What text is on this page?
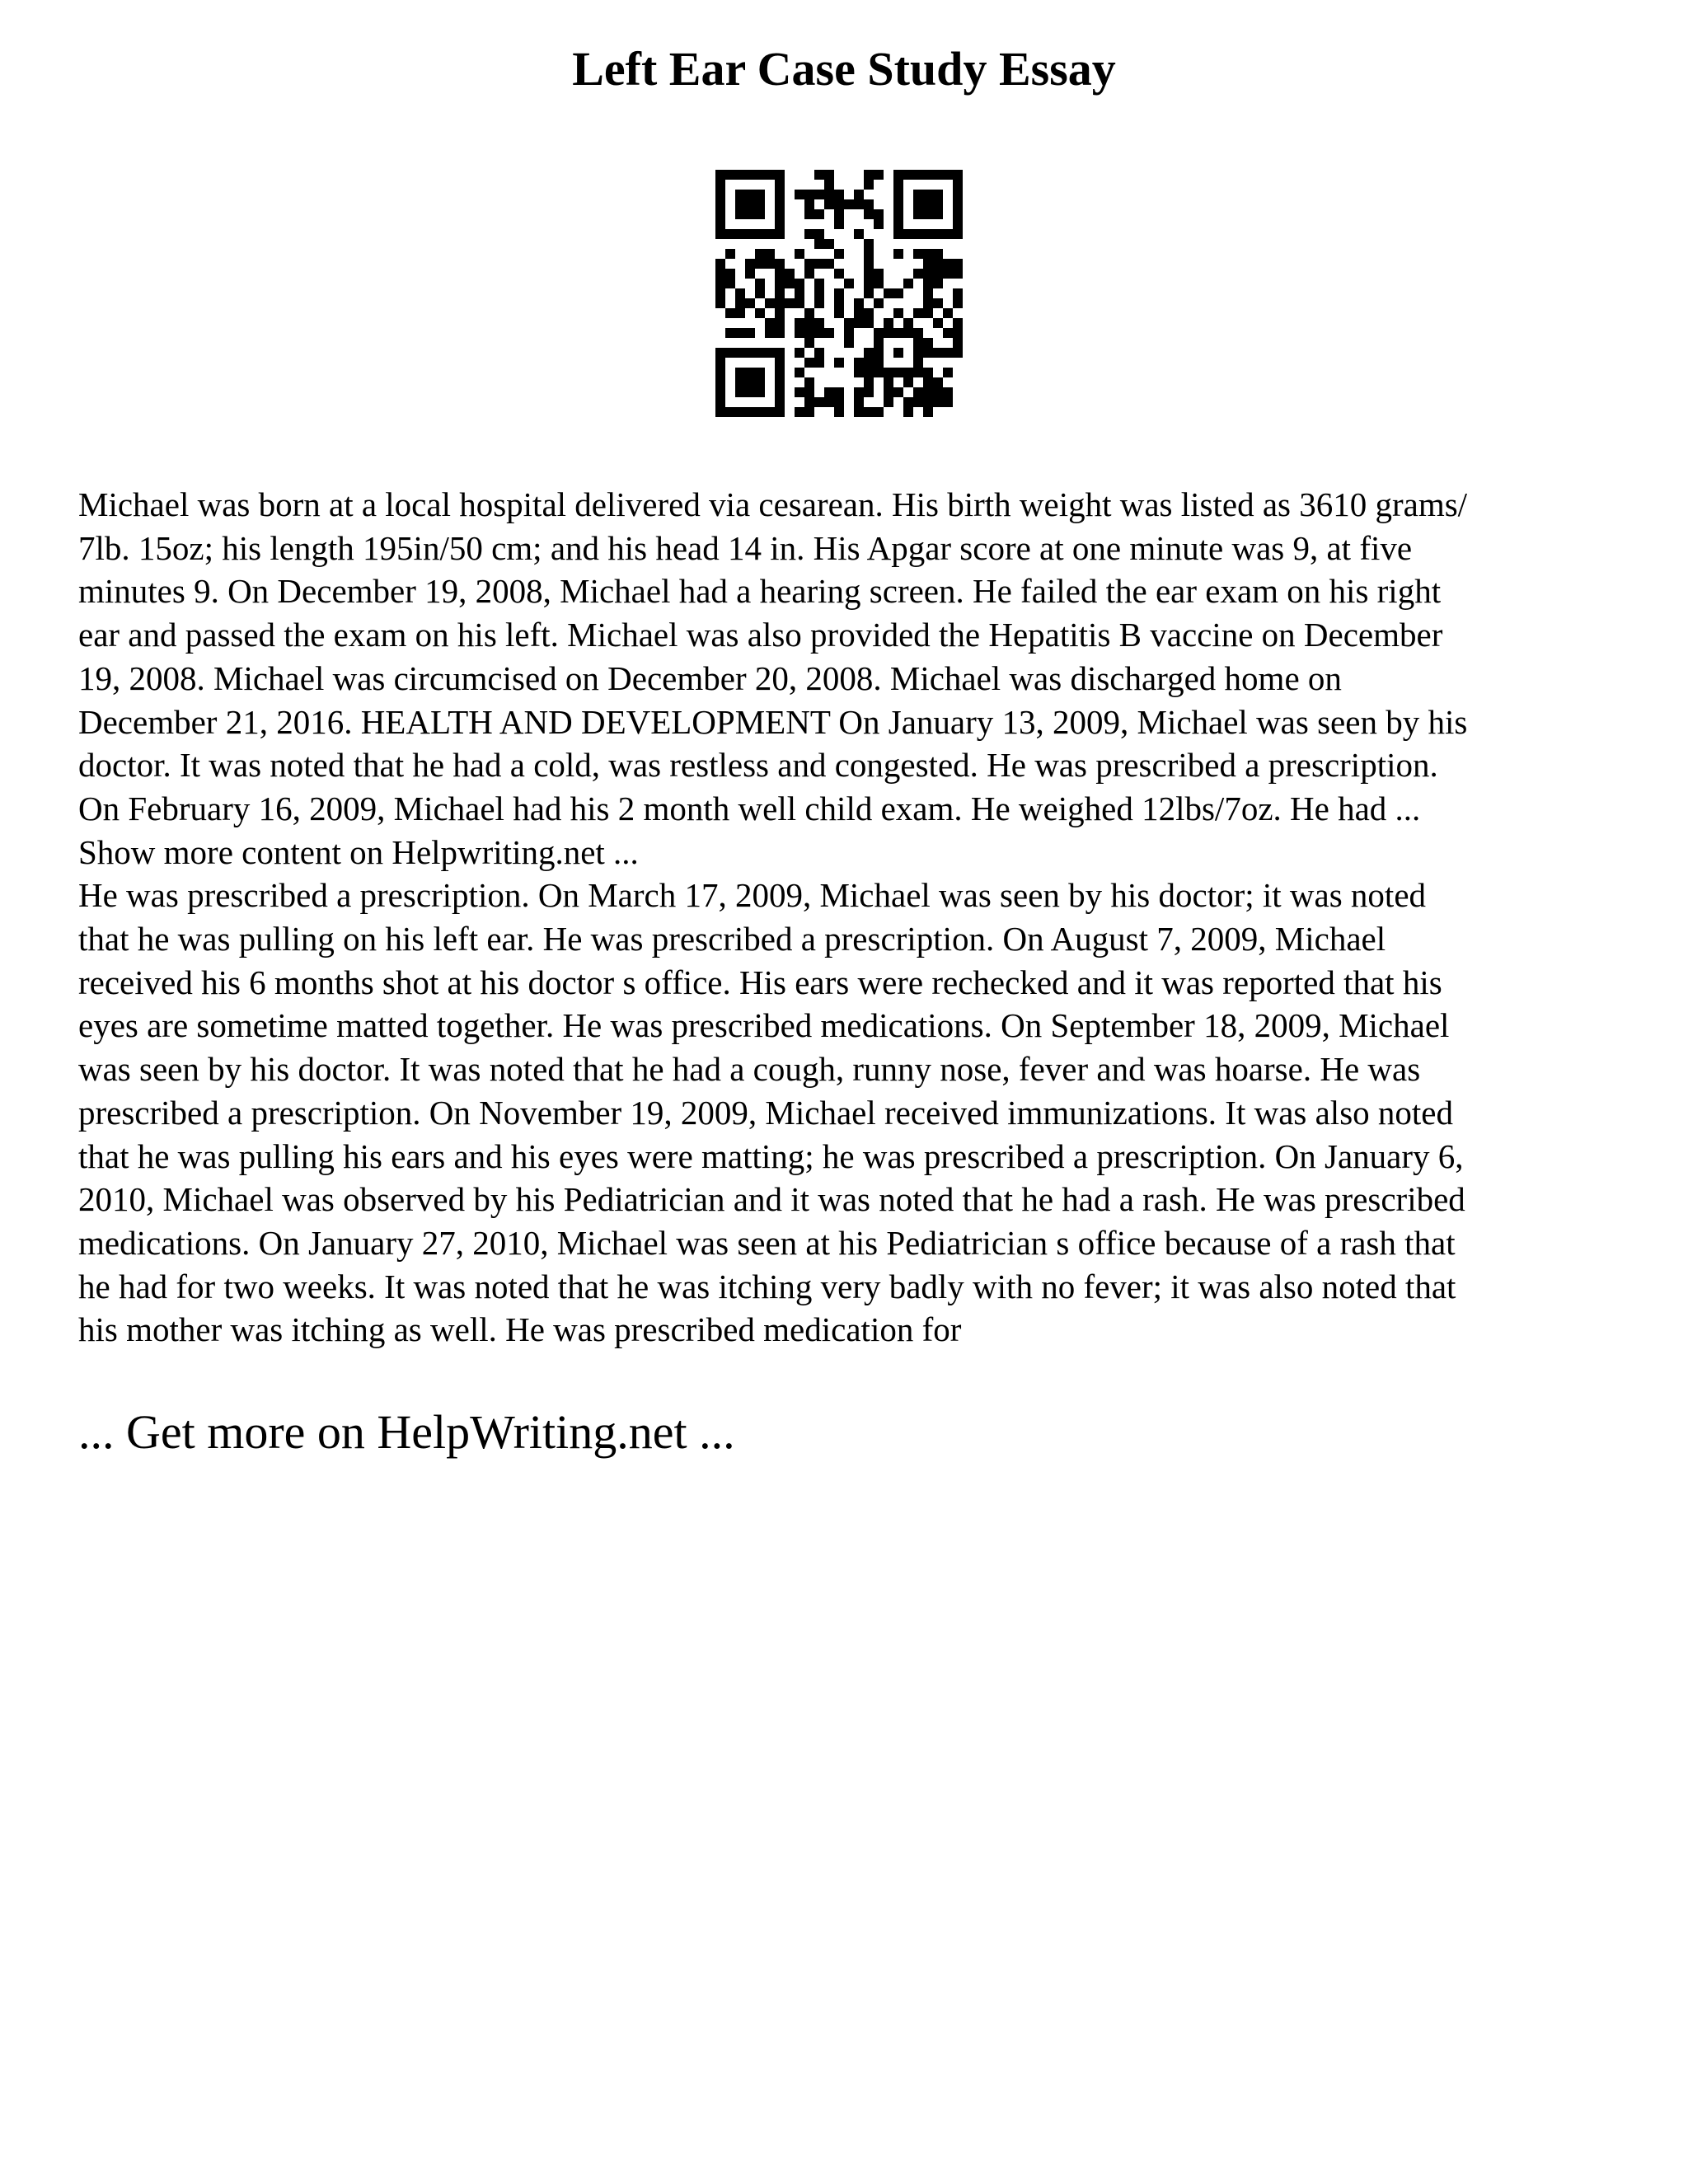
Left Ear Case Study Essay

Michael was born at a local hospital delivered via cesarean. His birth weight was listed as 3610 grams/
7lb. 15oz; his length 195in/50 cm; and his head 14 in. His Apgar score at one minute was 9, at five
minutes 9. On December 19, 2008, Michael had a hearing screen. He failed the ear exam on his right
ear and passed the exam on his left. Michael was also provided the Hepatitis B vaccine on December
19, 2008. Michael was circumcised on December 20, 2008. Michael was discharged home on
December 21, 2016. HEALTH AND DEVELOPMENT On January 13, 2009, Michael was seen by his
doctor. It was noted that he had a cold, was restless and congested. He was prescribed a prescription.
On February 16, 2009, Michael had his 2 month well child exam. He weighed 12lbs/7oz. He had ...
Show more content on Helpwriting.net ...

He was prescribed a prescription. On March 17, 2009, Michael was seen by his doctor; it was noted
that he was pulling on his left ear. He was prescribed a prescription. On August 7, 2009, Michael
received his 6 months shot at his doctor s office. His ears were rechecked and it was reported that his
eyes are sometime matted together. He was prescribed medications. On September 18, 2009, Michael
was seen by his doctor. It was noted that he had a cough, runny nose, fever and was hoarse. He was
prescribed a prescription. On November 19, 2009, Michael received immunizations. It was also noted
that he was pulling his ears and his eyes were matting; he was prescribed a prescription. On January 6,
2010, Michael was observed by his Pediatrician and it was noted that he had a rash. He was prescribed
medications. On January 27, 2010, Michael was seen at his Pediatrician s office because of a rash that
he had for two weeks. It was noted that he was itching very badly with no fever; it was also noted that
his mother was itching as well. He was prescribed medication for

... Get more on HelpWriting.net ...
